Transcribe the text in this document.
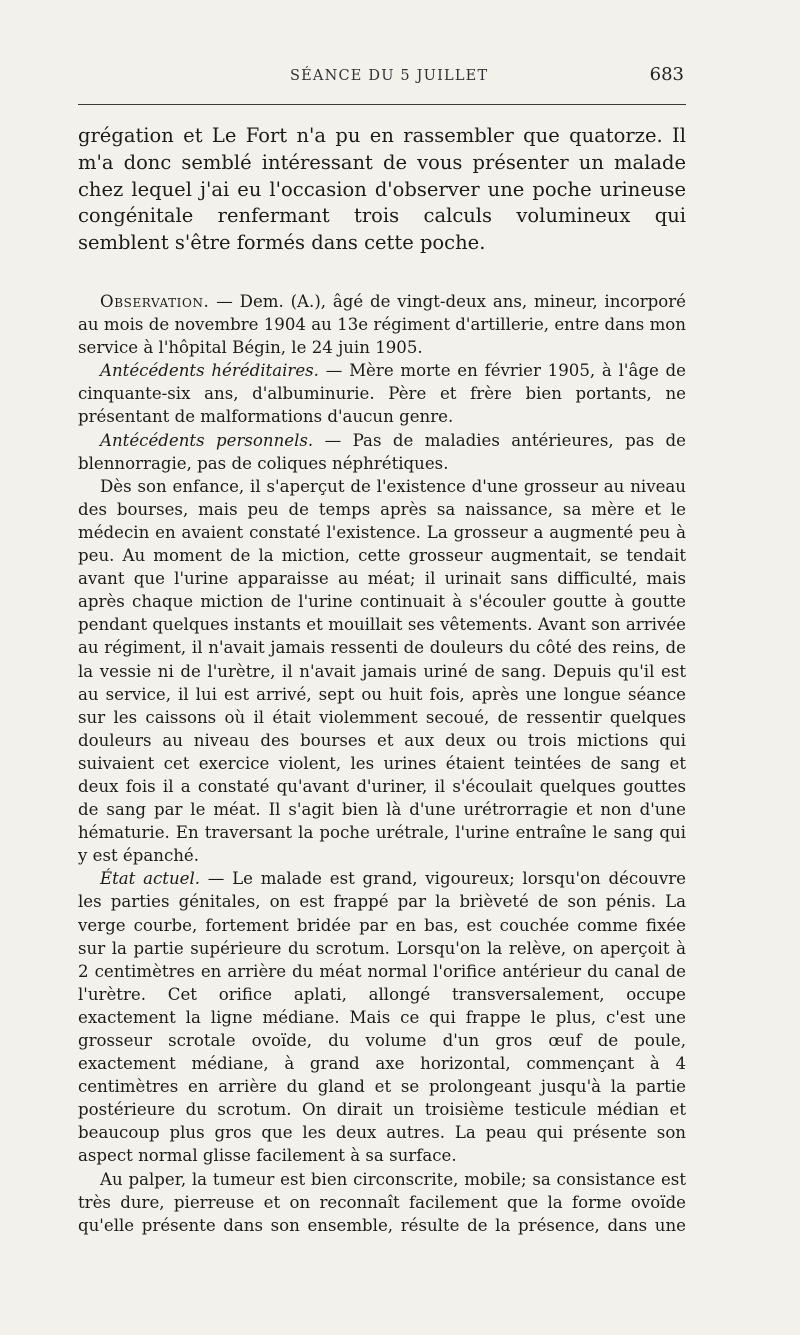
SÉANCE DU 5 JUILLET	683
grégation et Le Fort n'a pu en rassembler que quatorze. Il m'a donc semblé intéressant de vous présenter un malade chez lequel j'ai eu l'occasion d'observer une poche urineuse congénitale renfermant trois calculs volumineux qui semblent s'être formés dans cette poche.

Observation. — Dem. (A.), âgé de vingt-deux ans, mineur, incorporé au mois de novembre 1904 au 13e régiment d'artillerie, entre dans mon service à l'hôpital Bégin, le 24 juin 1905.

Antécédents héréditaires. — Mère morte en février 1905, à l'âge de cinquante-six ans, d'albuminurie. Père et frère bien portants, ne présentant de malformations d'aucun genre.

Antécédents personnels. — Pas de maladies antérieures, pas de blennorragie, pas de coliques néphrétiques.

Dès son enfance, il s'aperçut de l'existence d'une grosseur au niveau des bourses, mais peu de temps après sa naissance, sa mère et le médecin en avaient constaté l'existence. La grosseur a augmenté peu à peu. Au moment de la miction, cette grosseur augmentait, se tendait avant que l'urine apparaisse au méat; il urinait sans difficulté, mais après chaque miction de l'urine continuait à s'écouler goutte à goutte pendant quelques instants et mouillait ses vêtements. Avant son arrivée au régiment, il n'avait jamais ressenti de douleurs du côté des reins, de la vessie ni de l'urètre, il n'avait jamais uriné de sang. Depuis qu'il est au service, il lui est arrivé, sept ou huit fois, après une longue séance sur les caissons où il était violemment secoué, de ressentir quelques douleurs au niveau des bourses et aux deux ou trois mictions qui suivaient cet exercice violent, les urines étaient teintées de sang et deux fois il a constaté qu'avant d'uriner, il s'écoulait quelques gouttes de sang par le méat. Il s'agit bien là d'une urétrorragie et non d'une hématurie. En traversant la poche urétrale, l'urine entraîne le sang qui y est épanché.

État actuel. — Le malade est grand, vigoureux; lorsqu'on découvre les parties génitales, on est frappé par la brièveté de son pénis. La verge courbe, fortement bridée par en bas, est couchée comme fixée sur la partie supérieure du scrotum. Lorsqu'on la relève, on aperçoit à 2 centimètres en arrière du méat normal l'orifice antérieur du canal de l'urètre. Cet orifice aplati, allongé transversalement, occupe exactement la ligne médiane. Mais ce qui frappe le plus, c'est une grosseur scrotale ovoïde, du volume d'un gros œuf de poule, exactement médiane, à grand axe horizontal, commençant à 4 centimètres en arrière du gland et se prolongeant jusqu'à la partie postérieure du scrotum. On dirait un troisième testicule médian et beaucoup plus gros que les deux autres. La peau qui présente son aspect normal glisse facilement à sa surface.

Au palper, la tumeur est bien circonscrite, mobile; sa consistance est très dure, pierreuse et on reconnaît facilement que la forme ovoïde qu'elle présente dans son ensemble, résulte de la présence, dans une
